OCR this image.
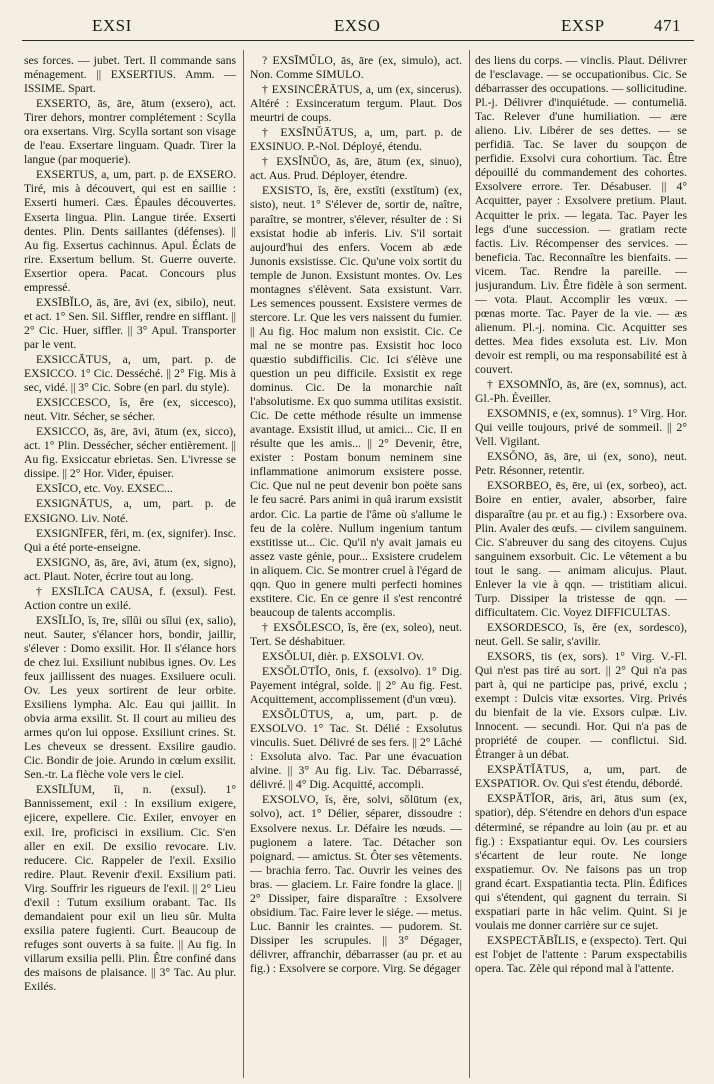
EXSI	EXSO	EXSP	471

ses forces. — jubet. Tert. Il commande sans ménagement. || EXSERTIUS. Amm. — ISSIME. Spart.

EXSERTO, ās, āre, ātum (exsero), act. Tirer dehors, montrer complétement : Scylla ora exsertans. Virg. Scylla sortant son visage de l'eau. Exsertare linguam. Quadr. Tirer la langue (par moquerie).

EXSERTUS, a, um, part. p. de EXSERO. Tiré, mis à découvert, qui est en saillie : Exserti humeri. Cæs. Épaules découvertes. Exserta lingua. Plin. Langue tirée. Exserti dentes. Plin. Dents saillantes (défenses). || Au fig. Exsertus cachinnus. Apul. Éclats de rire. Exsertum bellum. St. Guerre ouverte. Exsertior opera. Pacat. Concours plus empressé.

EXSĪBĬLO, ās, āre, āvi (ex, sibilo), neut. et act. 1° Sen. Sil. Siffler, rendre en sifflant. || 2° Cic. Huer, siffler. || 3° Apul. Transporter par le vent.

EXSICCĀTUS, a, um, part. p. de EXSICCO. 1° Cic. Desséché. || 2° Fig. Mis à sec, vidé. || 3° Cic. Sobre (en parl. du style).

EXSICCESCO, ĭs, ĕre (ex, siccesco), neut. Vitr. Sécher, se sécher.

EXSICCO, ās, āre, āvi, ātum (ex, sicco), act. 1° Plin. Dessécher, sécher entièrement. || Au fig. Exsiccatur ebrietas. Sen. L'ivresse se dissipe. || 2° Hor. Vider, épuiser.

EXSĪCO, etc. Voy. EXSEC...

EXSIGNĀTUS, a, um, part. p. de EXSIGNO. Liv. Noté.

EXSIGNĪFER, fĕri, m. (ex, signifer). Insc. Qui a été porte-enseigne.

EXSIGNO, ās, āre, āvi, ātum (ex, signo), act. Plaut. Noter, écrire tout au long.

† EXSĪLĪCA CAUSA, f. (exsul). Fest. Action contre un exilé.

EXSĬLĬO, ĭs, īre, sĭlŭi ou sĭlui (ex, salio), neut. Sauter, s'élancer hors, bondir, jaillir, s'élever : Domo exsilit. Hor. Il s'élance hors de chez lui. Exsiliunt nubibus ignes. Ov. Les feux jaillissent des nuages. Exsiluere oculi. Ov. Les yeux sortirent de leur orbite. Exsiliens lympha. Alc. Eau qui jaillit. In obvia arma exsilit. St. Il court au milieu des armes qu'on lui oppose. Exsiliunt crines. St. Les cheveux se dressent. Exsilire gaudio. Cic. Bondir de joie. Arundo in cœlum exsilit. Sen.-tr. La flèche vole vers le ciel.

EXSĪLĬUM, ĭi, n. (exsul). 1° Bannissement, exil : In exsilium exigere, ejicere, expellere. Cic. Exiler, envoyer en exil. Ire, proficisci in exsilium. Cic. S'en aller en exil. De exsilio revocare. Liv. reducere. Cic. Rappeler de l'exil. Exsilio redire. Plaut. Revenir d'exil. Exsilium pati. Virg. Souffrir les rigueurs de l'exil. || 2° Lieu d'exil : Tutum exsilium orabant. Tac. Ils demandaient pour exil un lieu sûr. Multa exsilia patere fugienti. Curt. Beaucoup de refuges sont ouverts à sa fuite. || Au fig. In villarum exsilia pelli. Plin. Être confiné dans des maisons de plaisance. || 3° Tac. Au plur. Exilés.

? EXSĪMŬLO, ās, āre (ex, simulo), act. Non. Comme SIMULO.

† EXSINCĒRĀTUS, a, um (ex, sincerus). Altéré : Exsinceratum tergum. Plaut. Dos meurtri de coups.

† EXSĬNŬĀTUS, a, um, part. p. de EXSINUO. P.-Nol. Déployé, étendu.

† EXSĬNŬO, ās, āre, ātum (ex, sinuo), act. Aus. Prud. Déployer, étendre.

EXSISTO, ĭs, ĕre, exstĭti (exstĭtum) (ex, sisto), neut. 1° S'élever de, sortir de, naître, paraître, se montrer, s'élever, résulter de : Si exsistat hodie ab inferis. Liv. S'il sortait aujourd'hui des enfers. Vocem ab æde Junonis exsistisse. Cic. Qu'une voix sortit du temple de Junon. Exsistunt montes. Ov. Les montagnes s'élèvent. Sata exsistunt. Varr. Les semences poussent. Exsistere vermes de stercore. Lr. Que les vers naissent du fumier. || Au fig. Hoc malum non exsistit. Cic. Ce mal ne se montre pas. Exsistit hoc loco quæstio subdifficilis. Cic. Ici s'élève une question un peu difficile. Exsistit ex rege dominus. Cic. De la monarchie naît l'absolutisme. Ex quo summa utilitas exsistit. Cic. De cette méthode résulte un immense avantage. Exsistit illud, ut amici... Cic. Il en résulte que les amis... || 2° Devenir, être, exister : Postam bonum neminem sine inflammatione animorum exsistere posse. Cic. Que nul ne peut devenir bon poëte sans le feu sacré. Pars animi in quâ irarum exsistit ardor. Cic. La partie de l'âme où s'allume le feu de la colère. Nullum ingenium tantum exstitisse ut... Cic. Qu'il n'y avait jamais eu assez vaste génie, pour... Exsistere crudelem in aliquem. Cic. Se montrer cruel à l'égard de qqn. Quo in genere multi perfecti homines exstitere. Cic. En ce genre il s'est rencontré beaucoup de talents accomplis.

† EXSŎLESCO, ĭs, ĕre (ex, soleo), neut. Tert. Se déshabituer.

EXSŎLUI, dièr. p. EXSOLVI. Ov.

EXSŎLŪTĬO, ōnis, f. (exsolvo). 1° Dig. Payement intégral, solde. || 2° Au fig. Fest. Acquittement, accomplissement (d'un vœu).

EXSŎLŪTUS, a, um, part. p. de EXSOLVO. 1° Tac. St. Délié : Exsolutus vinculis. Suet. Délivré de ses fers. || 2° Lâché : Exsoluta alvo. Tac. Par une évacuation alvine. || 3° Au fig. Liv. Tac. Débarrassé, délivré. || 4° Dig. Acquitté, accompli.

EXSOLVO, ĭs, ĕre, solvi, sŏlūtum (ex, solvo), act. 1° Délier, séparer, dissoudre : Exsolvere nexus. Lr. Défaire les nœuds. — pugionem a latere. Tac. Détacher son poignard. — amictus. St. Ôter ses vêtements. — brachia ferro. Tac. Ouvrir les veines des bras. — glaciem. Lr. Faire fondre la glace. || 2° Dissiper, faire disparaître : Exsolvere obsidium. Tac. Faire lever le siége. — metus. Luc. Bannir les craintes. — pudorem. St. Dissiper les scrupules. || 3° Dégager, délivrer, affranchir, débarrasser (au pr. et au fig.) : Exsolvere se corpore. Virg. Se dégager

des liens du corps. — vinclis. Plaut. Délivrer de l'esclavage. — se occupationibus. Cic. Se débarrasser des occupations. — sollicitudine. Pl.-j. Délivrer d'inquiétude. — contumeliā. Tac. Relever d'une humiliation. — ære alieno. Liv. Libérer de ses dettes. — se perfidiā. Tac. Se laver du soupçon de perfidie. Exsolvi cura cohortium. Tac. Être dépouillé du commandement des cohortes. Exsolvere errore. Ter. Désabuser. || 4° Acquitter, payer : Exsolvere pretium. Plaut. Acquitter le prix. — legata. Tac. Payer les legs d'une succession. — gratiam recte factis. Liv. Récompenser des services. — beneficia. Tac. Reconnaître les bienfaits. — vicem. Tac. Rendre la pareille. — jusjurandum. Liv. Être fidèle à son serment. — vota. Plaut. Accomplir les vœux. — pœnas morte. Tac. Payer de la vie. — æs alienum. Pl.-j. nomina. Cic. Acquitter ses dettes. Mea fides exsoluta est. Liv. Mon devoir est rempli, ou ma responsabilité est à couvert.

† EXSOMNĬO, ās, āre (ex, somnus), act. Gl.-Ph. Éveiller.

EXSOMNIS, e (ex, somnus). 1° Virg. Hor. Qui veille toujours, privé de sommeil. || 2° Vell. Vigilant.

EXSŎNO, ās, āre, ui (ex, sono), neut. Petr. Résonner, retentir.

EXSORBEO, ēs, ēre, ui (ex, sorbeo), act. Boire en entier, avaler, absorber, faire disparaître (au pr. et au fig.) : Exsorbere ova. Plin. Avaler des œufs. — civilem sanguinem. Cic. S'abreuver du sang des citoyens. Cujus sanguinem exsorbuit. Cic. Le vêtement a bu tout le sang. — animam alicujus. Plaut. Enlever la vie à qqn. — tristitiam alicui. Turp. Dissiper la tristesse de qqn. — difficultatem. Cic. Voyez DIFFICULTAS.

EXSORDESCO, ĭs, ĕre (ex, sordesco), neut. Gell. Se salir, s'avilir.

EXSORS, tis (ex, sors). 1° Virg. V.-Fl. Qui n'est pas tiré au sort. || 2° Qui n'a pas part à, qui ne participe pas, privé, exclu ; exempt : Dulcis vitæ exsortes. Virg. Privés du bienfait de la vie. Exsors culpæ. Liv. Innocent. — secundi. Hor. Qui n'a pas de propriété de couper. — conflictui. Sid. Étranger à un débat.

EXSPĂTĬĀTUS, a, um, part. de EXSPATIOR. Ov. Qui s'est étendu, débordé.

EXSPĂTĬOR, āris, āri, ātus sum (ex, spatior), dép. S'étendre en dehors d'un espace déterminé, se répandre au loin (au pr. et au fig.) : Exspatiantur equi. Ov. Les coursiers s'écartent de leur route. Ne longe exspatiemur. Ov. Ne faisons pas un trop grand écart. Exspatiantia tecta. Plin. Édifices qui s'étendent, qui gagnent du terrain. Si exspatiari parte in hâc velim. Quint. Si je voulais me donner carrière sur ce sujet.

EXSPECTĀBĬLIS, e (exspecto). Tert. Qui est l'objet de l'attente : Parum exspectabilis opera. Tac. Zèle qui répond mal à l'attente.
